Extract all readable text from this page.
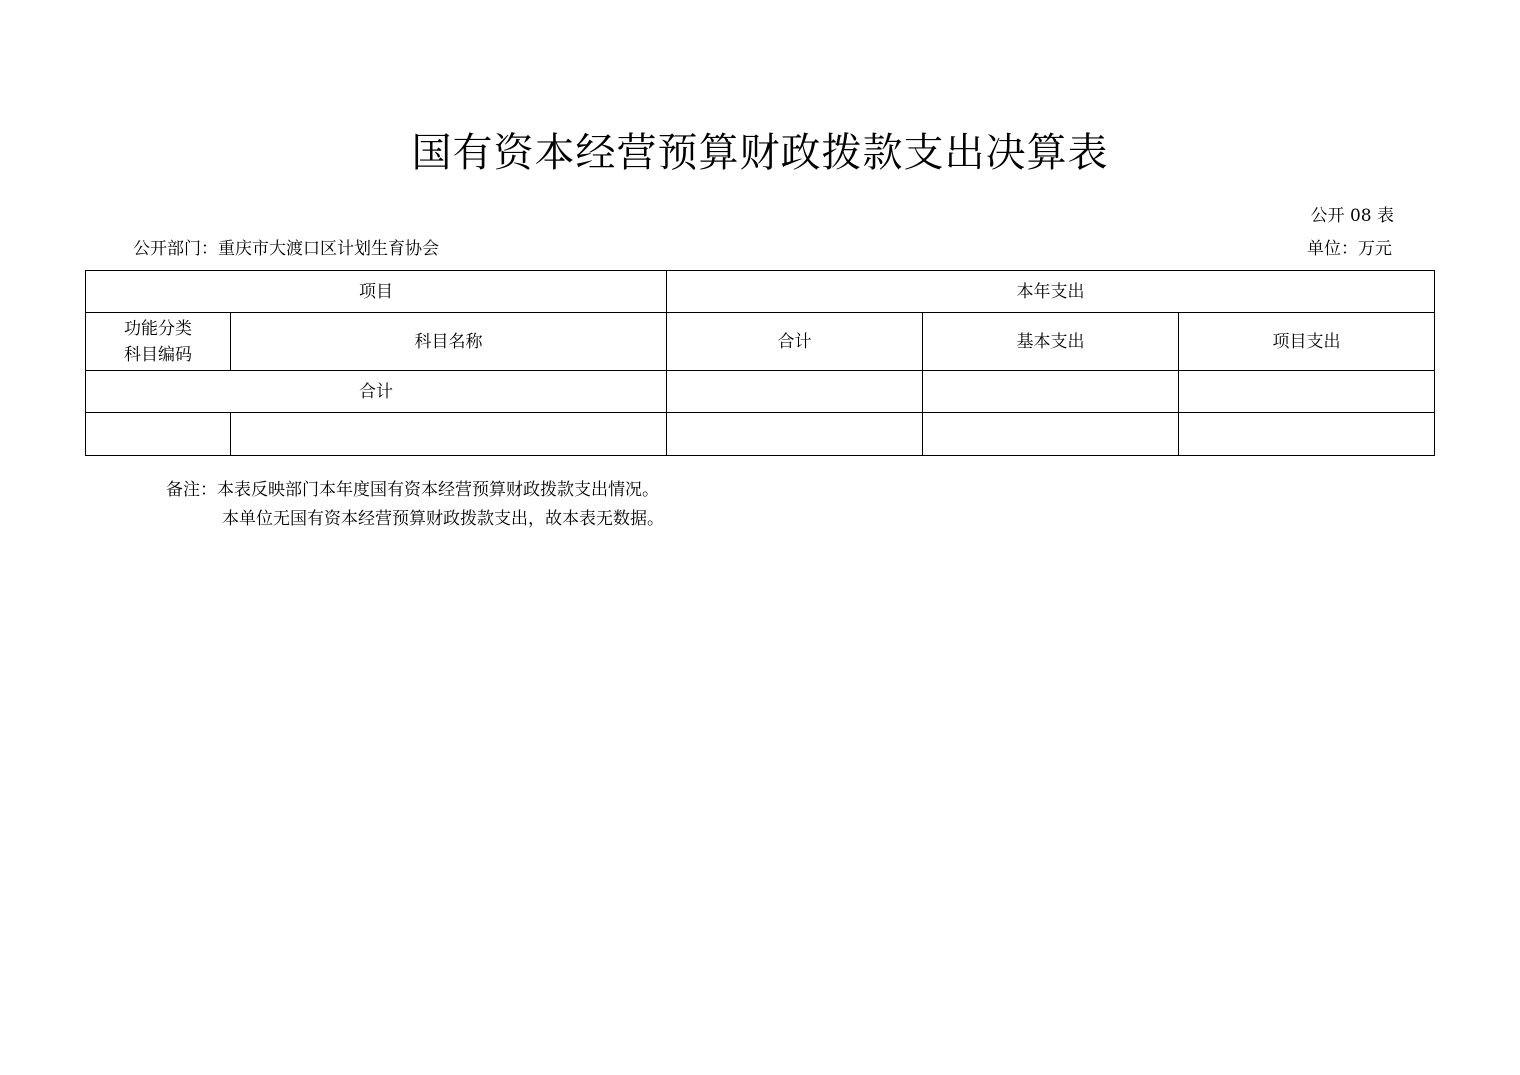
国有资本经营预算财政拨款支出决算表
公开 08 表
公开部门：重庆市大渡口区计划生育协会	单位：万元
项目		本年支出		

功能分类
科目编码	科目名称	合计	基本支出	项目支出
合计				

备注：本表反映部门本年度国有资本经营预算财政拨款支出情况。
本单位无国有资本经营预算财政拨款支出，故本表无数据。
